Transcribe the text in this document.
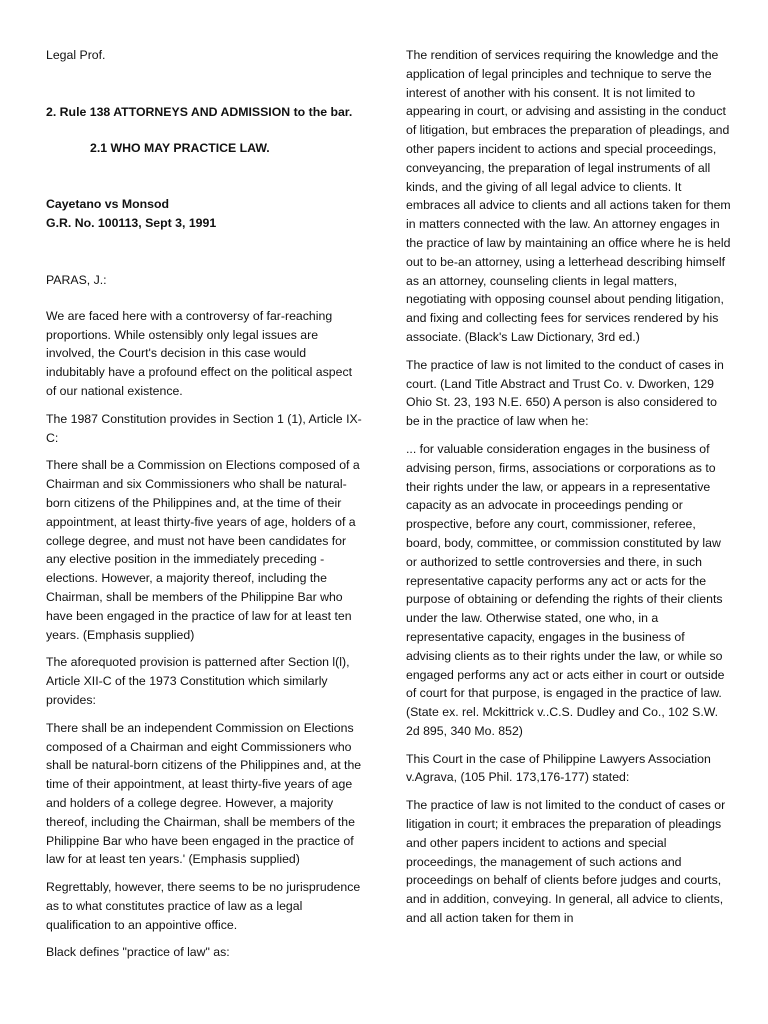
Legal Prof.

2. Rule 138 ATTORNEYS AND ADMISSION to the bar.

2.1 WHO MAY PRACTICE LAW.

Cayetano vs Monsod

G.R. No. 100113, Sept 3, 1991

PARAS, J.:

We are faced here with a controversy of far-reaching proportions. While ostensibly only legal issues are involved, the Court's decision in this case would indubitably have a profound effect on the political aspect of our national existence.

The 1987 Constitution provides in Section 1 (1), Article IX-C:

There shall be a Commission on Elections composed of a Chairman and six Commissioners who shall be natural-born citizens of the Philippines and, at the time of their appointment, at least thirty-five years of age, holders of a college degree, and must not have been candidates for any elective position in the immediately preceding -elections. However, a majority thereof, including the Chairman, shall be members of the Philippine Bar who have been engaged in the practice of law for at least ten years. (Emphasis supplied)

The aforequoted provision is patterned after Section l(l), Article XII-C of the 1973 Constitution which similarly provides:

There shall be an independent Commission on Elections composed of a Chairman and eight Commissioners who shall be natural-born citizens of the Philippines and, at the time of their appointment, at least thirty-five years of age and holders of a college degree. However, a majority thereof, including the Chairman, shall be members of the Philippine Bar who have been engaged in the practice of law for at least ten years.' (Emphasis supplied)

Regrettably, however, there seems to be no jurisprudence as to what constitutes practice of law as a legal qualification to an appointive office.

Black defines "practice of law" as:

The rendition of services requiring the knowledge and the application of legal principles and technique to serve the interest of another with his consent. It is not limited to appearing in court, or advising and assisting in the conduct of litigation, but embraces the preparation of pleadings, and other papers incident to actions and special proceedings, conveyancing, the preparation of legal instruments of all kinds, and the giving of all legal advice to clients. It embraces all advice to clients and all actions taken for them in matters connected with the law. An attorney engages in the practice of law by maintaining an office where he is held out to be-an attorney, using a letterhead describing himself as an attorney, counseling clients in legal matters, negotiating with opposing counsel about pending litigation, and fixing and collecting fees for services rendered by his associate. (Black's Law Dictionary, 3rd ed.)

The practice of law is not limited to the conduct of cases in court. (Land Title Abstract and Trust Co. v. Dworken, 129 Ohio St. 23, 193 N.E. 650) A person is also considered to be in the practice of law when he:

... for valuable consideration engages in the business of advising person, firms, associations or corporations as to their rights under the law, or appears in a representative capacity as an advocate in proceedings pending or prospective, before any court, commissioner, referee, board, body, committee, or commission constituted by law or authorized to settle controversies and there, in such representative capacity performs any act or acts for the purpose of obtaining or defending the rights of their clients under the law. Otherwise stated, one who, in a representative capacity, engages in the business of advising clients as to their rights under the law, or while so engaged performs any act or acts either in court or outside of court for that purpose, is engaged in the practice of law. (State ex. rel. Mckittrick v..C.S. Dudley and Co., 102 S.W. 2d 895, 340 Mo. 852)

This Court in the case of Philippine Lawyers Association v.Agrava, (105 Phil. 173,176-177) stated:

The practice of law is not limited to the conduct of cases or litigation in court; it embraces the preparation of pleadings and other papers incident to actions and special proceedings, the management of such actions and proceedings on behalf of clients before judges and courts, and in addition, conveying. In general, all advice to clients, and all action taken for them in
